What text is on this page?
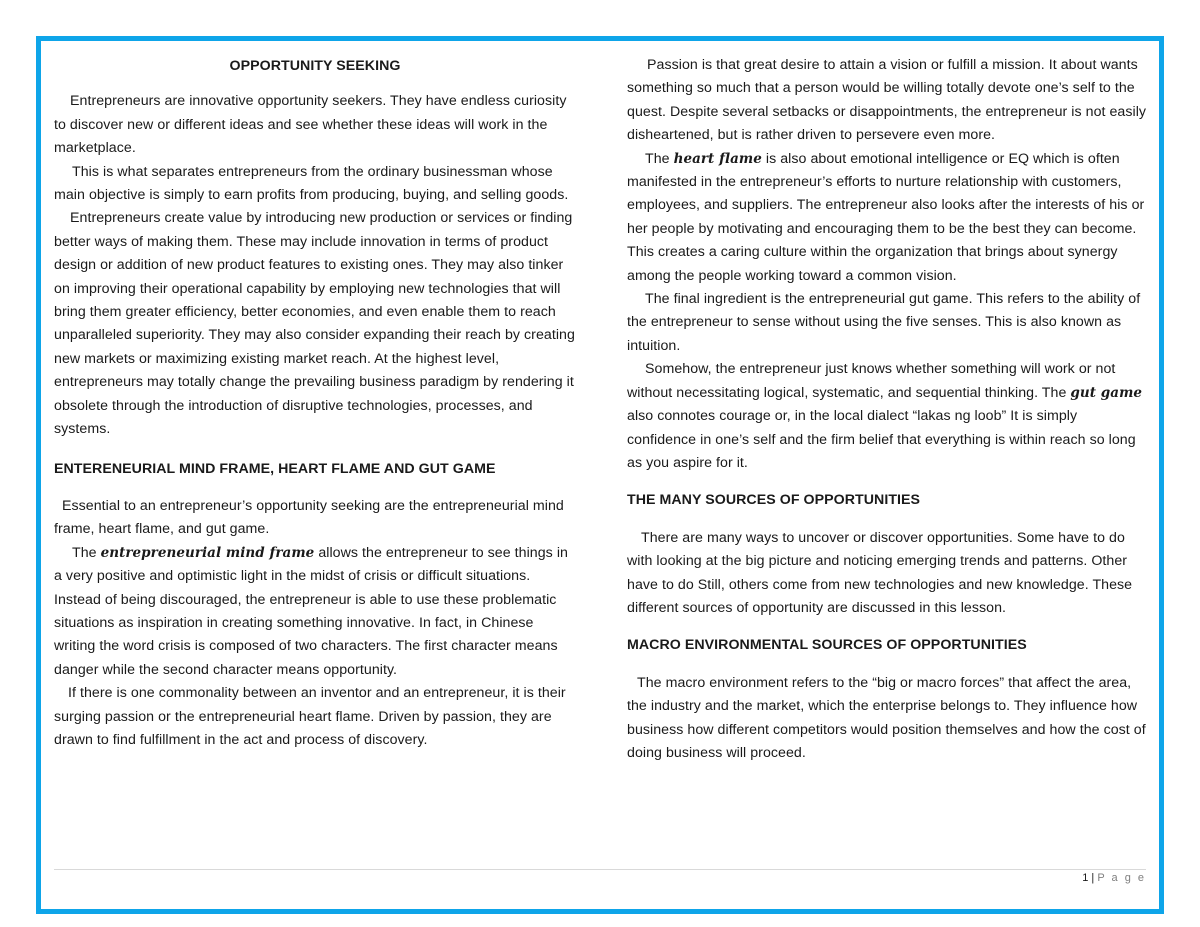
OPPORTUNITY SEEKING

Entrepreneurs are innovative opportunity seekers. They have endless curiosity to discover new or different ideas and see whether these ideas will work in the marketplace.

This is what separates entrepreneurs from the ordinary businessman whose main objective is simply to earn profits from producing, buying, and selling goods.

Entrepreneurs create value by introducing new production or services or finding better ways of making them. These may include innovation in terms of product design or addition of new product features to existing ones. They may also tinker on improving their operational capability by employing new technologies that will bring them greater efficiency, better economies, and even enable them to reach unparalleled superiority. They may also consider expanding their reach by creating new markets or maximizing existing market reach. At the highest level, entrepreneurs may totally change the prevailing business paradigm by rendering it obsolete through the introduction of disruptive technologies, processes, and systems.

ENTERENEURIAL MIND FRAME, HEART FLAME AND GUT GAME

Essential to an entrepreneur’s opportunity seeking are the entrepreneurial mind frame, heart flame, and gut game.

The entrepreneurial mind frame allows the entrepreneur to see things in a very positive and optimistic light in the midst of crisis or difficult situations. Instead of being discouraged, the entrepreneur is able to use these problematic situations as inspiration in creating something innovative. In fact, in Chinese writing the word crisis is composed of two characters. The first character means danger while the second character means opportunity.

If there is one commonality between an inventor and an entrepreneur, it is their surging passion or the entrepreneurial heart flame. Driven by passion, they are drawn to find fulfillment in the act and process of discovery.

Passion is that great desire to attain a vision or fulfill a mission. It about wants something so much that a person would be willing totally devote one’s self to the quest. Despite several setbacks or disappointments, the entrepreneur is not easily disheartened, but is rather driven to persevere even more.

The heart flame is also about emotional intelligence or EQ which is often manifested in the entrepreneur’s efforts to nurture relationship with customers, employees, and suppliers. The entrepreneur also looks after the interests of his or her people by motivating and encouraging them to be the best they can become. This creates a caring culture within the organization that brings about synergy among the people working toward a common vision.

The final ingredient is the entrepreneurial gut game. This refers to the ability of the entrepreneur to sense without using the five senses. This is also known as intuition.

Somehow, the entrepreneur just knows whether something will work or not without necessitating logical, systematic, and sequential thinking. The gut game also connotes courage or, in the local dialect “lakas ng loob” It is simply confidence in one’s self and the firm belief that everything is within reach so long as you aspire for it.

THE MANY SOURCES OF OPPORTUNITIES

There are many ways to uncover or discover opportunities. Some have to do with looking at the big picture and noticing emerging trends and patterns. Other have to do Still, others come from new technologies and new knowledge. These different sources of opportunity are discussed in this lesson.

MACRO ENVIRONMENTAL SOURCES OF OPPORTUNITIES

The macro environment refers to the “big or macro forces” that affect the area, the industry and the market, which the enterprise belongs to. They influence how business how different competitors would position themselves and how the cost of doing business will proceed.

1 | P a g e
